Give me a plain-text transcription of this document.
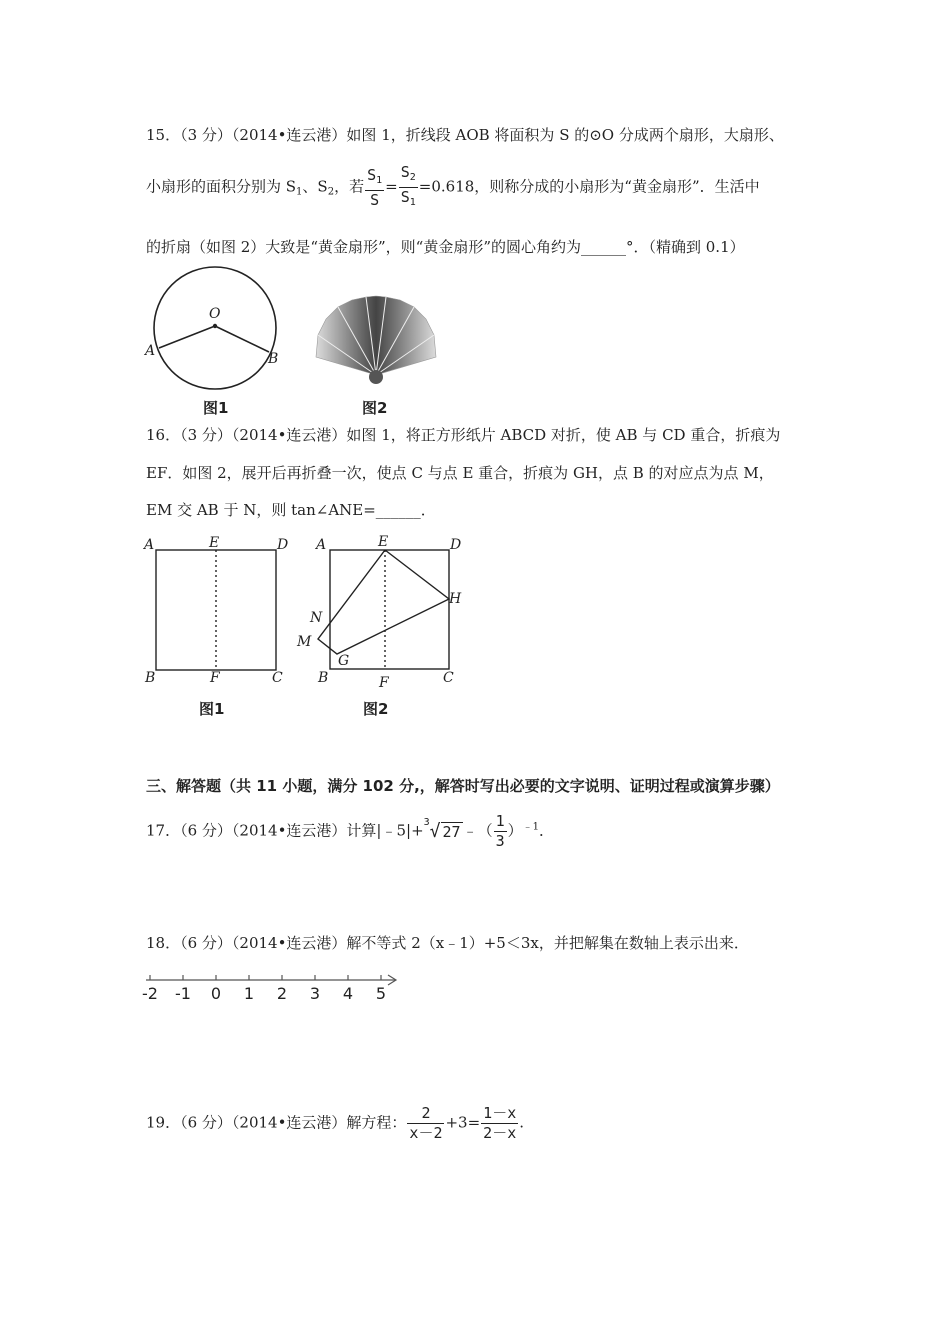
15．（3 分）（2014•连云港）如图 1，折线段 AOB 将面积为 S 的⊙O 分成两个扇形，大扇形、
小扇形的面积分别为 $S_1$、$S_2$，若 $\frac{S_1}{S} = \frac{S_2}{S_1} =0.618$，则称分成的小扇形为“黄金扇形”．生活中
的折扇（如图 2）大致是“黄金扇形”，则“黄金扇形”的圆心角约为______°．（精确到 0.1）
O
A	B
图1	图2
16．（3 分）（2014•连云港）如图 1，将正方形纸片 ABCD 对折，使 AB 与 CD 重合，折痕为
EF．如图 2，展开后再折叠一次，使点 C 与点 E 重合，折痕为 GH，点 B 的对应点为点 M，
EM 交 AB 于 N，则 tan∠ANE=______．
A	E	D
B	F	C
图1
A	E	D
H
N
M
G
B	F	C
图2
三、解答题（共 11 小题，满分 102 分,，解答时写出必要的文字说明、证明过程或演算步骤）
17．（6 分）（2014•连云港）计算|﹣5|+$^3$√ 27 ﹣（ $\frac{1}{3} )^{﹣1}$．
18．（6 分）（2014•连云港）解不等式 2（x﹣1）+5＜3x，并把解集在数轴上表示出来．
-2 -1 0 1 2 3 4 5
19．（6 分）（2014•连云港）解方程： $\frac{2}{x-2} +3= \frac{1-x}{2-x}$ .
